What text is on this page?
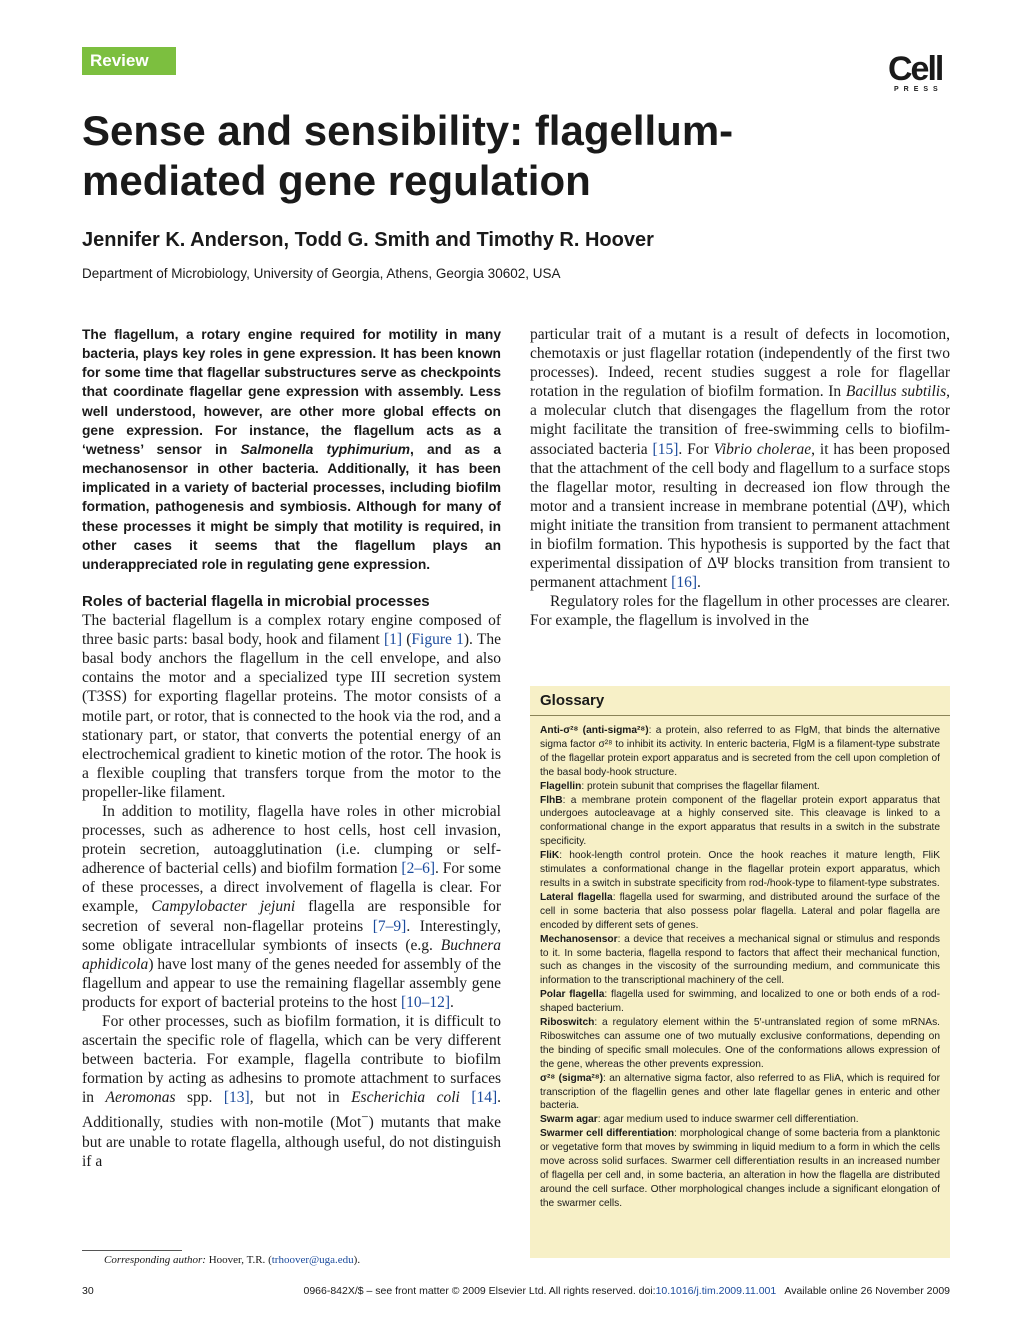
Review	Cell
PRESS
Sense and sensibility: flagellum-mediated gene regulation

Jennifer K. Anderson, Todd G. Smith and Timothy R. Hoover

Department of Microbiology, University of Georgia, Athens, Georgia 30602, USA

The flagellum, a rotary engine required for motility in many bacteria, plays key roles in gene expression. It has been known for some time that flagellar substructures serve as checkpoints that coordinate flagellar gene expression with assembly. Less well understood, however, are other more global effects on gene expression. For instance, the flagellum acts as a ‘wetness’ sensor in Salmonella typhimurium, and as a mechanosensor in other bacteria. Additionally, it has been implicated in a variety of bacterial processes, including biofilm formation, pathogenesis and symbiosis. Although for many of these processes it might be simply that motility is required, in other cases it seems that the flagellum plays an underappreciated role in regulating gene expression.

Roles of bacterial flagella in microbial processes

The bacterial flagellum is a complex rotary engine composed of three basic parts: basal body, hook and filament [1] (Figure 1). The basal body anchors the flagellum in the cell envelope, and also contains the motor and a specialized type III secretion system (T3SS) for exporting flagellar proteins. The motor consists of a motile part, or rotor, that is connected to the hook via the rod, and a stationary part, or stator, that converts the potential energy of an electrochemical gradient to kinetic motion of the rotor. The hook is a flexible coupling that transfers torque from the motor to the propeller-like filament.

In addition to motility, flagella have roles in other microbial processes, such as adherence to host cells, host cell invasion, protein secretion, autoagglutination (i.e. clumping or self-adherence of bacterial cells) and biofilm formation [2–6]. For some of these processes, a direct involvement of flagella is clear. For example, Campylobacter jejuni flagella are responsible for secretion of several non-flagellar proteins [7–9]. Interestingly, some obligate intracellular symbionts of insects (e.g. Buchnera aphidicola) have lost many of the genes needed for assembly of the flagellum and appear to use the remaining flagellar assembly gene products for export of bacterial proteins to the host [10–12].

For other processes, such as biofilm formation, it is difficult to ascertain the specific role of flagella, which can be very different between bacteria. For example, flagella contribute to biofilm formation by acting as adhesins to promote attachment to surfaces in Aeromonas spp. [13], but not in Escherichia coli [14]. Additionally, studies with non-motile (Mot−) mutants that make but are unable to rotate flagella, although useful, do not distinguish if a

particular trait of a mutant is a result of defects in locomotion, chemotaxis or just flagellar rotation (independently of the first two processes). Indeed, recent studies suggest a role for flagellar rotation in the regulation of biofilm formation. In Bacillus subtilis, a molecular clutch that disengages the flagellum from the rotor might facilitate the transition of free-swimming cells to biofilm-associated bacteria [15]. For Vibrio cholerae, it has been proposed that the attachment of the cell body and flagellum to a surface stops the flagellar motor, resulting in decreased ion flow through the motor and a transient increase in membrane potential (ΔΨ), which might initiate the transition from transient to permanent attachment in biofilm formation. This hypothesis is supported by the fact that experimental dissipation of ΔΨ blocks transition from transient to permanent attachment [16].

Regulatory roles for the flagellum in other processes are clearer. For example, the flagellum is involved in the

Glossary

Anti-σ²⁸ (anti-sigma²⁸): a protein, also referred to as FlgM, that binds the alternative sigma factor σ²⁸ to inhibit its activity. In enteric bacteria, FlgM is a filament-type substrate of the flagellar protein export apparatus and is secreted from the cell upon completion of the basal body-hook structure.

Flagellin: protein subunit that comprises the flagellar filament.

FlhB: a membrane protein component of the flagellar protein export apparatus that undergoes autocleavage at a highly conserved site. This cleavage is linked to a conformational change in the export apparatus that results in a switch in the substrate specificity.

FliK: hook-length control protein. Once the hook reaches it mature length, FliK stimulates a conformational change in the flagellar protein export apparatus, which results in a switch in substrate specificity from rod-/hook-type to filament-type substrates.

Lateral flagella: flagella used for swarming, and distributed around the surface of the cell in some bacteria that also possess polar flagella. Lateral and polar flagella are encoded by different sets of genes.

Mechanosensor: a device that receives a mechanical signal or stimulus and responds to it. In some bacteria, flagella respond to factors that affect their mechanical function, such as changes in the viscosity of the surrounding medium, and communicate this information to the transcriptional machinery of the cell.

Polar flagella: flagella used for swimming, and localized to one or both ends of a rod-shaped bacterium.

Riboswitch: a regulatory element within the 5′-untranslated region of some mRNAs. Riboswitches can assume one of two mutually exclusive conformations, depending on the binding of specific small molecules. One of the conformations allows expression of the gene, whereas the other prevents expression.

σ²⁸ (sigma²⁸): an alternative sigma factor, also referred to as FliA, which is required for transcription of the flagellin genes and other late flagellar genes in enteric and other bacteria.

Swarm agar: agar medium used to induce swarmer cell differentiation.

Swarmer cell differentiation: morphological change of some bacteria from a planktonic or vegetative form that moves by swimming in liquid medium to a form in which the cells move across solid surfaces. Swarmer cell differentiation results in an increased number of flagella per cell and, in some bacteria, an alteration in how the flagella are distributed around the cell surface. Other morphological changes include a significant elongation of the swarmer cells.

Corresponding author: Hoover, T.R. (trhoover@uga.edu).

30	0966-842X/$ – see front matter © 2009 Elsevier Ltd. All rights reserved. doi:10.1016/j.tim.2009.11.001   Available online 26 November 2009
